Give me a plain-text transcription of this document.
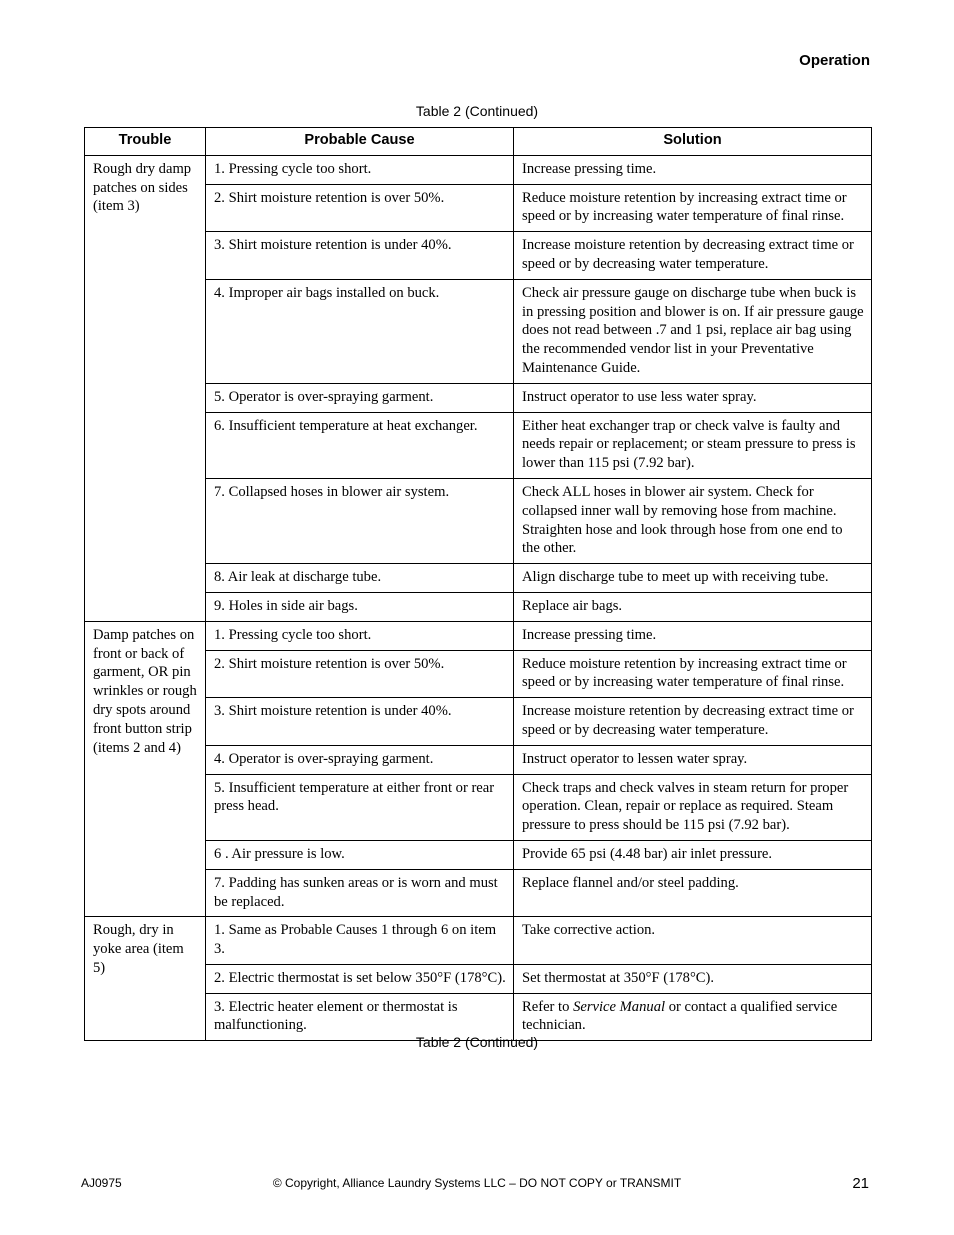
Operation
Table 2 (Continued)
Trouble	Probable Cause	Solution
Rough dry damp patches on sides (item 3)	1. Pressing cycle too short.	Increase pressing time.
	2. Shirt moisture retention is over 50%.	Reduce moisture retention by increasing extract time or speed or by increasing water temperature of final rinse.
	3. Shirt moisture retention is under 40%.	Increase moisture retention by decreasing extract time or speed or by decreasing water temperature.
	4. Improper air bags installed on buck.	Check air pressure gauge on discharge tube when buck is in pressing position and blower is on. If air pressure gauge does not read between .7 and 1 psi, replace air bag using the recommended vendor list in your Preventative Maintenance Guide.
	5. Operator is over-spraying garment.	Instruct operator to use less water spray.
	6. Insufficient temperature at heat exchanger.	Either heat exchanger trap or check valve is faulty and needs repair or replacement; or steam pressure to press is lower than 115 psi (7.92 bar).
	7. Collapsed hoses in blower air system.	Check ALL hoses in blower air system. Check for collapsed inner wall by removing hose from machine. Straighten hose and look through hose from one end to the other.
	8. Air leak at discharge tube.	Align discharge tube to meet up with receiving tube.
	9. Holes in side air bags.	Replace air bags.
Damp patches on front or back of garment, OR pin wrinkles or rough dry spots around front button strip (items 2 and 4)	1. Pressing cycle too short.	Increase pressing time.
	2. Shirt moisture retention is over 50%.	Reduce moisture retention by increasing extract time or speed or by increasing water temperature of final rinse.
	3. Shirt moisture retention is under 40%.	Increase moisture retention by decreasing extract time or speed or by decreasing water temperature.
	4. Operator is over-spraying garment.	Instruct operator to lessen water spray.
	5. Insufficient temperature at either front or rear press head.	Check traps and check valves in steam return for proper operation. Clean, repair or replace as required. Steam pressure to press should be 115 psi (7.92 bar).
	6 . Air pressure is low.	Provide 65 psi (4.48 bar) air inlet pressure.
	7. Padding has sunken areas or is worn and must be replaced.	Replace flannel and/or steel padding.
Rough, dry in yoke area (item 5)	1. Same as Probable Causes 1 through 6 on item 3.	Take corrective action.
	2. Electric thermostat is set below 350°F (178°C).	Set thermostat at 350°F (178°C).
	3. Electric heater element or thermostat is malfunctioning.	Refer to Service Manual or contact a qualified service technician.
Table 2 (Continued)
AJ0975	© Copyright, Alliance Laundry Systems LLC – DO NOT COPY or TRANSMIT	21
